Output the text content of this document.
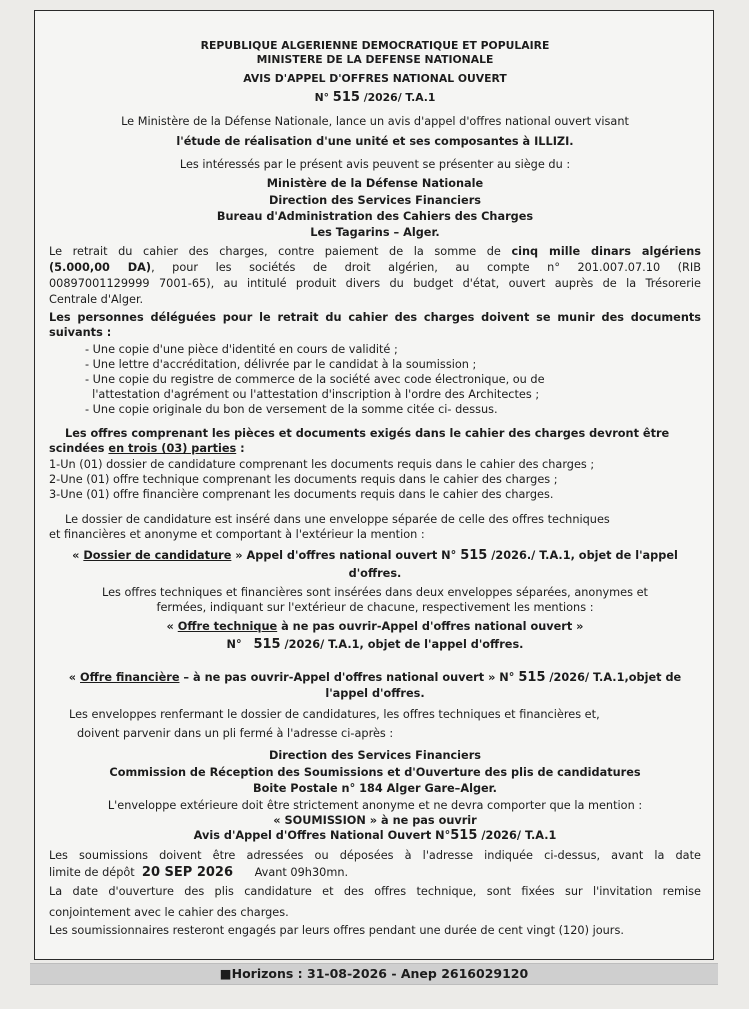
REPUBLIQUE ALGERIENNE DEMOCRATIQUE ET POPULAIRE
MINISTERE DE LA DEFENSE NATIONALE
AVIS D'APPEL D'OFFRES NATIONAL OUVERT
N° 515 /2026/ T.A.1
Le Ministère de la Défense Nationale, lance un avis d'appel d'offres national ouvert visant
l'étude de réalisation d'une unité et ses composantes à ILLIZI.
Les intéressés par le présent avis peuvent se présenter au siège du :
Ministère de la Défense Nationale
Direction des Services Financiers
Bureau d'Administration des Cahiers des Charges
Les Tagarins – Alger.
Le retrait du cahier des charges, contre paiement de la somme de cinq mille dinars algériens
(5.000,00 DA), pour les sociétés de droit algérien, au compte n° 201.007.07.10 (RIB
00897001129999 7001-65), au intitulé produit divers du budget d'état, ouvert auprès de la Trésorerie
Centrale d'Alger.
Les personnes déléguées pour le retrait du cahier des charges doivent se munir des documents
suivants :
- Une copie d'une pièce d'identité en cours de validité ;
- Une lettre d'accréditation, délivrée par le candidat à la soumission ;
- Une copie du registre de commerce de la société avec code électronique, ou de
l'attestation d'agrément ou l'attestation d'inscription à l'ordre des Architectes ;
- Une copie originale du bon de versement de la somme citée ci- dessus.
Les offres comprenant les pièces et documents exigés dans le cahier des charges devront être
scindées en trois (03) parties :
1-Un (01) dossier de candidature comprenant les documents requis dans le cahier des charges ;
2-Une (01) offre technique comprenant les documents requis dans le cahier des charges ;
3-Une (01) offre financière comprenant les documents requis dans le cahier des charges.
Le dossier de candidature est inséré dans une enveloppe séparée de celle des offres techniques
et financières et anonyme et comportant à l'extérieur la mention :
« Dossier de candidature » Appel d'offres national ouvert N° 515 /2026./ T.A.1, objet de l'appel
d'offres.
Les offres techniques et financières sont insérées dans deux enveloppes séparées, anonymes et
fermées, indiquant sur l'extérieur de chacune, respectivement les mentions :
« Offre technique à ne pas ouvrir-Appel d'offres national ouvert »
N° 515 /2026/ T.A.1, objet de l'appel d'offres.
« Offre financière – à ne pas ouvrir-Appel d'offres national ouvert » N° 515 /2026/ T.A.1,objet de
l'appel d'offres.
Les enveloppes renfermant le dossier de candidatures, les offres techniques et financières et,
doivent parvenir dans un pli fermé à l'adresse ci-après :
Direction des Services Financiers
Commission de Réception des Soumissions et d'Ouverture des plis de candidatures
Boite Postale n° 184 Alger Gare–Alger.
L'enveloppe extérieure doit être strictement anonyme et ne devra comporter que la mention :
« SOUMISSION » à ne pas ouvrir
Avis d'Appel d'Offres National Ouvert N°515 /2026/ T.A.1
Les soumissions doivent être adressées ou déposées à l'adresse indiquée ci-dessus, avant la date
limite de dépôt  20 SEP 2026      Avant 09h30mn.
La date d'ouverture des plis candidature et des offres technique, sont fixées sur l'invitation remise
conjointement avec le cahier des charges.
Les soumissionnaires resteront engagés par leurs offres pendant une durée de cent vingt (120) jours.
■Horizons : 31-08-2026 - Anep 2616029120
